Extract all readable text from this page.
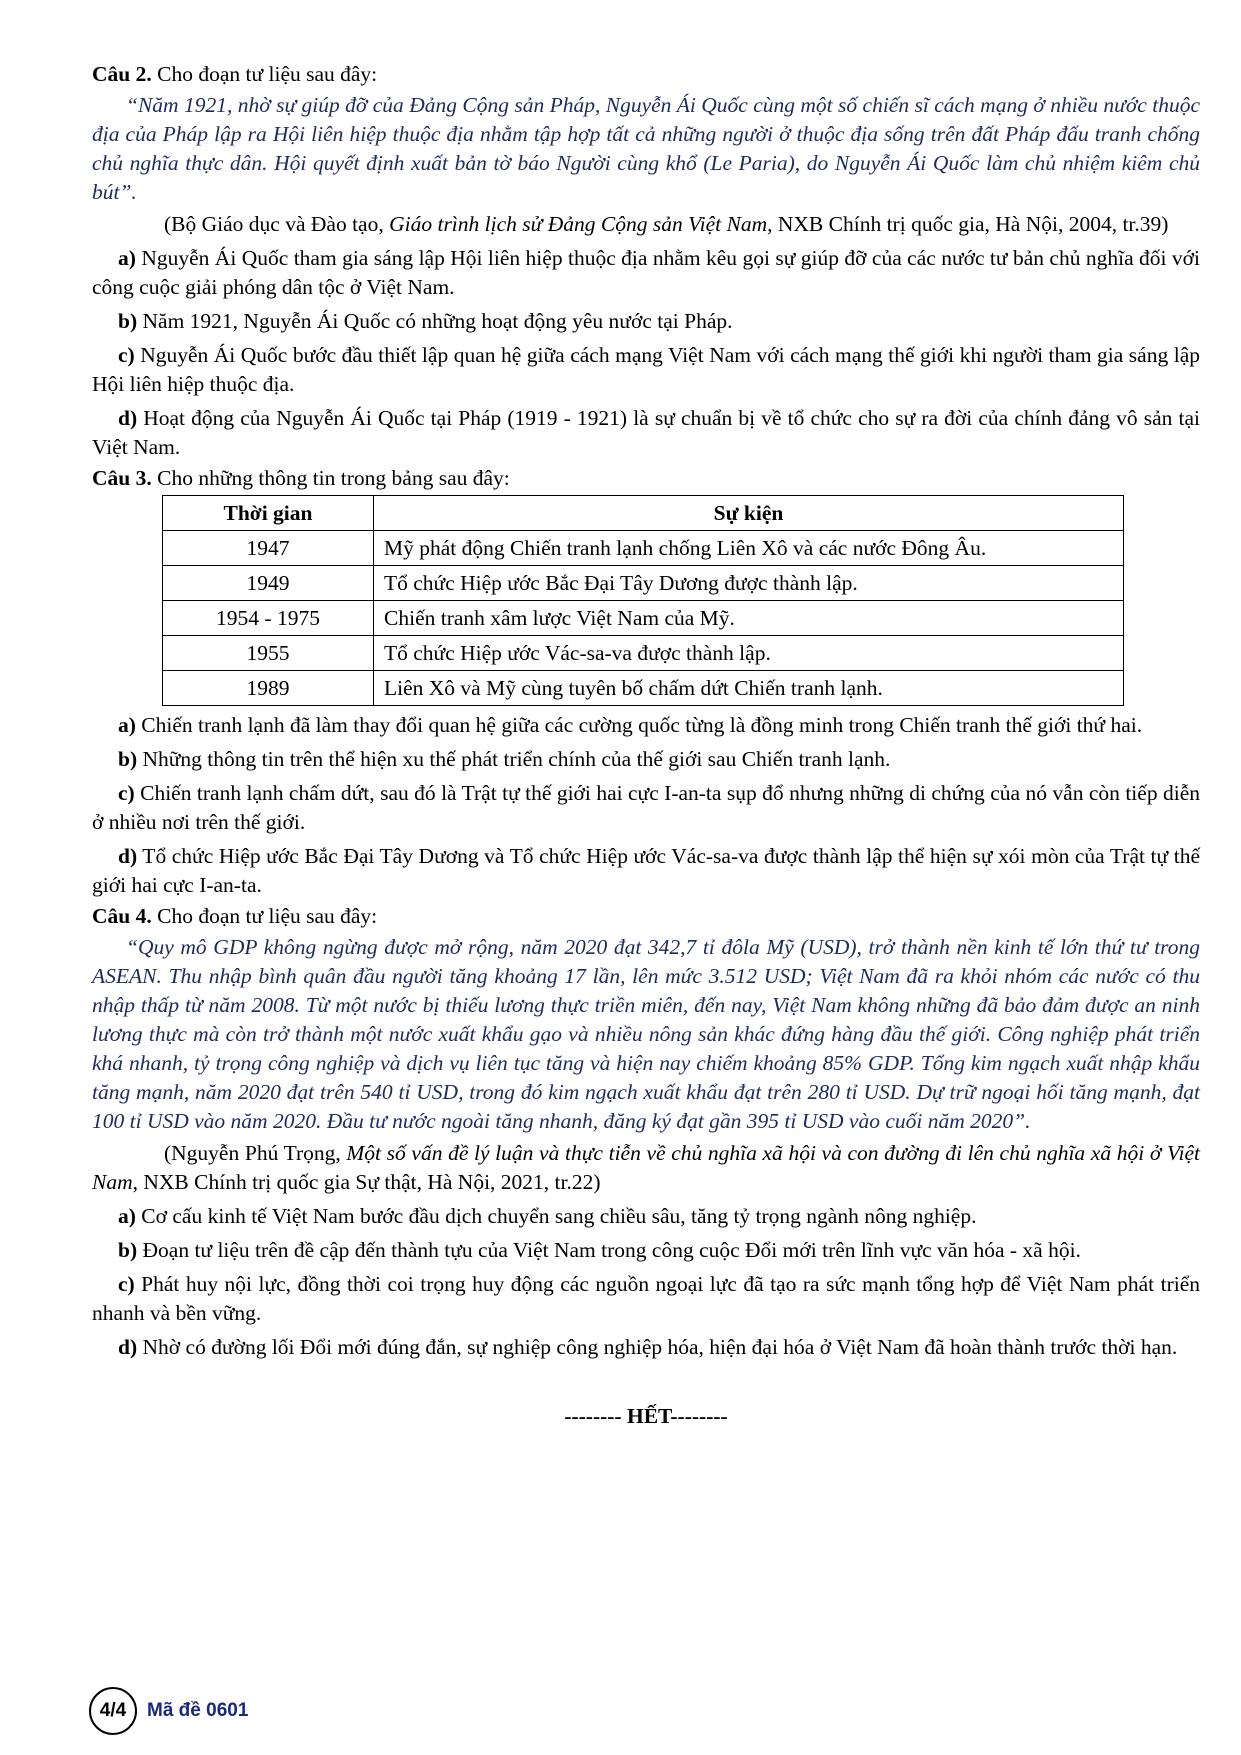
Câu 2. Cho đoạn tư liệu sau đây:

“Năm 1921, nhờ sự giúp đỡ của Đảng Cộng sản Pháp, Nguyễn Ái Quốc cùng một số chiến sĩ cách mạng ở nhiều nước thuộc địa của Pháp lập ra Hội liên hiệp thuộc địa nhằm tập hợp tất cả những người ở thuộc địa sống trên đất Pháp đấu tranh chống chủ nghĩa thực dân. Hội quyết định xuất bản tờ báo Người cùng khổ (Le Paria), do Nguyễn Ái Quốc làm chủ nhiệm kiêm chủ bút”.

(Bộ Giáo dục và Đào tạo, Giáo trình lịch sử Đảng Cộng sản Việt Nam, NXB Chính trị quốc gia, Hà Nội, 2004, tr.39)

a) Nguyễn Ái Quốc tham gia sáng lập Hội liên hiệp thuộc địa nhằm kêu gọi sự giúp đỡ của các nước tư bản chủ nghĩa đối với công cuộc giải phóng dân tộc ở Việt Nam.

b) Năm 1921, Nguyễn Ái Quốc có những hoạt động yêu nước tại Pháp.

c) Nguyễn Ái Quốc bước đầu thiết lập quan hệ giữa cách mạng Việt Nam với cách mạng thế giới khi người tham gia sáng lập Hội liên hiệp thuộc địa.

d) Hoạt động của Nguyễn Ái Quốc tại Pháp (1919 - 1921) là sự chuẩn bị về tổ chức cho sự ra đời của chính đảng vô sản tại Việt Nam.

Câu 3. Cho những thông tin trong bảng sau đây:

Thời gian	Sự kiện
1947	Mỹ phát động Chiến tranh lạnh chống Liên Xô và các nước Đông Âu.
1949	Tổ chức Hiệp ước Bắc Đại Tây Dương được thành lập.
1954 - 1975	Chiến tranh xâm lược Việt Nam của Mỹ.
1955	Tổ chức Hiệp ước Vác-sa-va được thành lập.
1989	Liên Xô và Mỹ cùng tuyên bố chấm dứt Chiến tranh lạnh.

a) Chiến tranh lạnh đã làm thay đổi quan hệ giữa các cường quốc từng là đồng minh trong Chiến tranh thế giới thứ hai.

b) Những thông tin trên thể hiện xu thế phát triển chính của thế giới sau Chiến tranh lạnh.

c) Chiến tranh lạnh chấm dứt, sau đó là Trật tự thế giới hai cực I-an-ta sụp đổ nhưng những di chứng của nó vẫn còn tiếp diễn ở nhiều nơi trên thế giới.

d) Tổ chức Hiệp ước Bắc Đại Tây Dương và Tổ chức Hiệp ước Vác-sa-va được thành lập thể hiện sự xói mòn của Trật tự thế giới hai cực I-an-ta.

Câu 4. Cho đoạn tư liệu sau đây:

“Quy mô GDP không ngừng được mở rộng, năm 2020 đạt 342,7 tỉ đôla Mỹ (USD), trở thành nền kinh tế lớn thứ tư trong ASEAN. Thu nhập bình quân đầu người tăng khoảng 17 lần, lên mức 3.512 USD; Việt Nam đã ra khỏi nhóm các nước có thu nhập thấp từ năm 2008. Từ một nước bị thiếu lương thực triền miên, đến nay, Việt Nam không những đã bảo đảm được an ninh lương thực mà còn trở thành một nước xuất khẩu gạo và nhiều nông sản khác đứng hàng đầu thế giới. Công nghiệp phát triển khá nhanh, tỷ trọng công nghiệp và dịch vụ liên tục tăng và hiện nay chiếm khoảng 85% GDP. Tổng kim ngạch xuất nhập khẩu tăng mạnh, năm 2020 đạt trên 540 tỉ USD, trong đó kim ngạch xuất khẩu đạt trên 280 tỉ USD. Dự trữ ngoại hối tăng mạnh, đạt 100 tỉ USD vào năm 2020. Đầu tư nước ngoài tăng nhanh, đăng ký đạt gần 395 tỉ USD vào cuối năm 2020”.

(Nguyễn Phú Trọng, Một số vấn đề lý luận và thực tiễn về chủ nghĩa xã hội và con đường đi lên chủ nghĩa xã hội ở Việt Nam, NXB Chính trị quốc gia Sự thật, Hà Nội, 2021, tr.22)

a) Cơ cấu kinh tế Việt Nam bước đầu dịch chuyển sang chiều sâu, tăng tỷ trọng ngành nông nghiệp.

b) Đoạn tư liệu trên đề cập đến thành tựu của Việt Nam trong công cuộc Đổi mới trên lĩnh vực văn hóa - xã hội.

c) Phát huy nội lực, đồng thời coi trọng huy động các nguồn ngoại lực đã tạo ra sức mạnh tổng hợp để Việt Nam phát triển nhanh và bền vững.

d) Nhờ có đường lối Đổi mới đúng đắn, sự nghiệp công nghiệp hóa, hiện đại hóa ở Việt Nam đã hoàn thành trước thời hạn.

-------- HẾT--------

4/4	Mã đề 0601
